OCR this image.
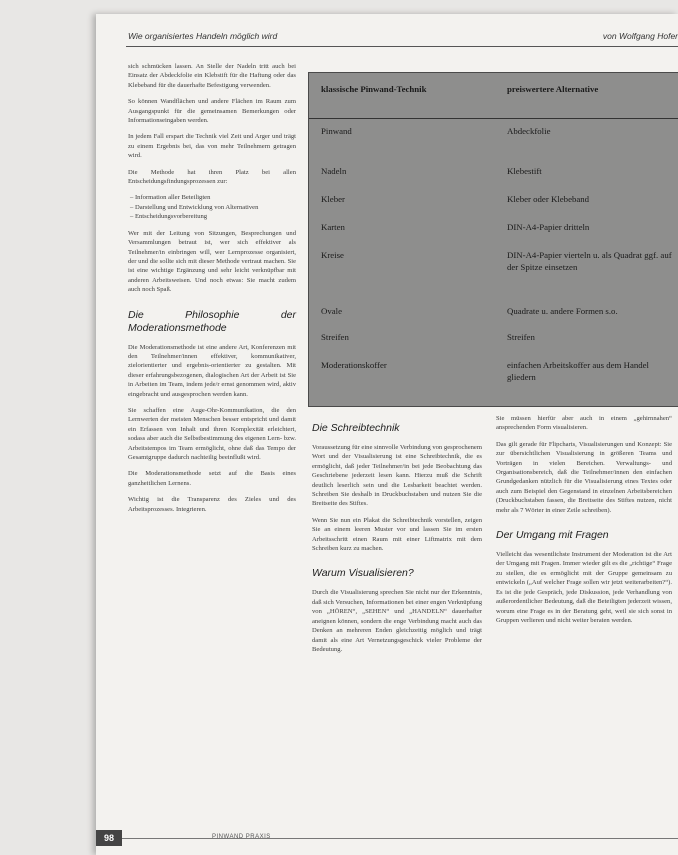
Wie organisiertes Handeln möglich wird	von Wolfgang Hofer

sich schmücken lassen. An Stelle der Nadeln tritt auch bei Einsatz der Abdeckfolie ein Klebstift für die Haftung oder das Klebeband für die dauerhafte Befestigung verwenden.

So können Wandflächen und andere Flächen im Raum zum Ausgangspunkt für die gemeinsamen Bemerkungen oder Informationseingaben werden.

In jedem Fall erspart die Technik viel Zeit und Arger und trägt zu einem Ergebnis bei, das von mehr Teilnehmern getragen wird.

Die Methode hat ihren Platz bei allen Entscheidungsfindungsprozessen zur:

– Information aller Beteiligten
– Darstellung und Entwicklung von Alternativen
– Entscheidungsvorbereitung

Wer mit der Leitung von Sitzungen, Besprechungen und Versammlungen betraut ist, wer sich effektiver als Teilnehmer/in einbringen will, wer Lernprozesse organisiert, der und die sollte sich mit dieser Methode vertraut machen. Sie ist eine wichtige Ergänzung und sehr leicht verknüpfbar mit anderen Arbeitsweisen. Und noch etwas: Sie macht zudem auch noch Spaß.

Die Philosophie der Moderationsmethode

Die Moderationsmethode ist eine andere Art, Konferenzen mit den Teilnehmer/innen effektiver, kommunikativer, zielorientierter und ergebnis-orientierter zu gestalten. Mit dieser erfahrungsbezogenen, dialogischen Art der Arbeit ist Sie in Arbeiten im Team, indem jede/r ernst genommen wird, aktiv eingebracht und ausgesprochen werden kann.

Sie schaffen eine Auge-Ohr-Kommunikation, die den Lernwerten der meisten Menschen besser entspricht und damit ein Erfassen von Inhalt und ihren Komplexität erleichtert, sodass aber auch die Selbstbestimmung des eigenen Lern- bzw. Arbeitstempos im Team ermöglicht, ohne daß das Tempo der Gesamtgruppe dadurch nachteilig beeinflußt wird.

Die Moderationsmethode setzt auf die Basis eines ganzheitlichen Lernens.

Wichtig ist die Transparenz des Zieles und des Arbeitsprozesses. Integrieren.

klassische Pinwand-Technik	preiswertere Alternative
Pinwand	Abdeckfolie
Nadeln	Klebestift
Kleber	Kleber oder Klebeband
Karten	DIN-A4-Papier dritteln
Kreise	DIN-A4-Papier vierteln u. als Quadrat ggf. auf der Spitze einsetzen
Ovale	Quadrate u. andere Formen s.o.
Streifen	Streifen
Moderationskoffer	einfachen Arbeitskoffer aus dem Handel gliedern
Die Schreibtechnik

Voraussetzung für eine sinnvolle Verbindung von gesprochenem Wort und der Visualisierung ist eine Schreibtechnik, die es ermöglicht, daß jeder Teilnehmer/in bei jede Beobachtung das Geschriebene jederzeit lesen kann. Hierzu muß die Schrift deutlich leserlich sein und die Lesbarkeit beachtet werden. Schreiben Sie deshalb in Druckbuchstaben und nutzen Sie die Breitseite des Stiftes.

Wenn Sie nun ein Plakat die Schreibtechnik vorstellen, zeigen Sie an einem leeren Muster vor und lassen Sie im ersten Arbeitsschritt einen Raum mit einer Liftmatrix mit dem Schreiben kurz zu machen.

Warum Visualisieren?

Durch die Visualisierung sprechen Sie nicht nur der Erkenntnis, daß sich Versuchen, Informationen bei einer engen Verknüpfung von „HÖREN“, „SEHEN“ und „HANDELN“ dauerhafter aneignen können, sondern die enge Verbindung macht auch das Denken an mehreren Enden gleichzeitig möglich und trägt damit als eine Art Vernetzungsgeschick vieler Probleme der Bedeutung.

Sie müssen hierfür aber auch in einem „gehirnnahen“ ansprechenden Form visualisieren.

Das gilt gerade für Flipcharts, Visualisierungen und Konzept: Sie zur übersichtlichen Visualisierung in größeren Teams und Vorträgen in vielen Bereichen. Verwaltungs- und Organisationsbereich, daß die Teilnehmer/innen den einfachen Grundgedanken nützlich für die Visualisierung eines Textes oder auch zum Beispiel den Gegenstand in einzelnen Arbeitsbereichen (Druckbuchstaben fassen, die Breitseite des Stiftes nutzen, nicht mehr als 7 Wörter in einer Zeile schreiben).

Der Umgang mit Fragen

Vielleicht das wesentlichste Instrument der Moderation ist die Art der Umgang mit Fragen. Immer wieder gilt es die „richtige“ Frage zu stellen, die es ermöglicht mit der Gruppe gemeinsam zu entwickeln („Auf welcher Frage sollen wir jetzt weiterarbeiten?“). Es ist die jede Gespräch, jede Diskussion, jede Verhandlung von außerordentlicher Bedeutung, daß die Beteiligten jederzeit wissen, worum eine Frage es in der Beratung geht, weil sie sich sonst in Gruppen verlieren und nicht weiter beraten werden.

98	PINWAND PRAXIS
